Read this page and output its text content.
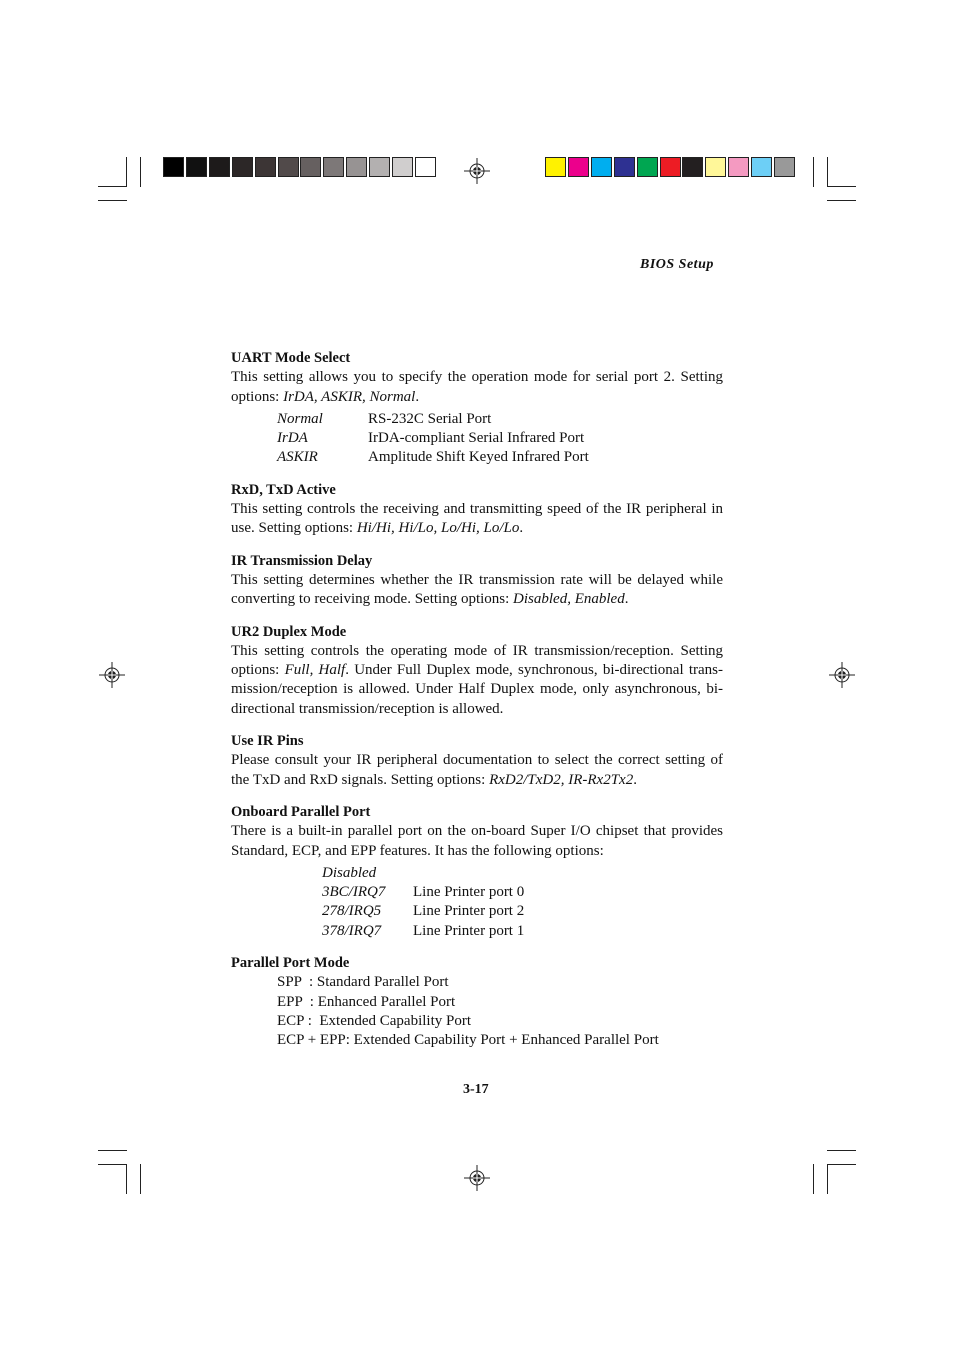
BIOS Setup

UART Mode Select

This setting allows you to specify the operation mode for serial port 2. Setting options: IrDA, ASKIR, Normal.

Normal	RS-232C Serial Port
IrDA	IrDA-compliant Serial Infrared Port
ASKIR	Amplitude Shift Keyed Infrared Port

RxD, TxD Active

This setting controls the receiving and transmitting speed of the IR peripheral in use. Setting options: Hi/Hi, Hi/Lo, Lo/Hi, Lo/Lo.

IR Transmission Delay

This setting determines whether the IR transmission rate will be delayed while converting to receiving mode. Setting options: Disabled, Enabled.

UR2 Duplex Mode

This setting controls the operating mode of IR transmission/reception. Setting options: Full, Half. Under Full Duplex mode, synchronous, bi-directional trans-mission/reception is allowed. Under Half Duplex mode, only asynchronous, bi-directional transmission/reception is allowed.

Use IR Pins

Please consult your IR peripheral documentation to select the correct setting of the TxD and RxD signals. Setting options: RxD2/TxD2, IR-Rx2Tx2.

Onboard Parallel Port

There is a built-in parallel port on the on-board Super I/O chipset that provides Standard, ECP, and EPP features. It has the following options:

Disabled
3BC/IRQ7	Line Printer port 0
278/IRQ5	Line Printer port 2
378/IRQ7	Line Printer port 1

Parallel Port Mode

SPP  : Standard Parallel Port
EPP  : Enhanced Parallel Port
ECP :  Extended Capability Port
ECP + EPP: Extended Capability Port + Enhanced Parallel Port
3-17
